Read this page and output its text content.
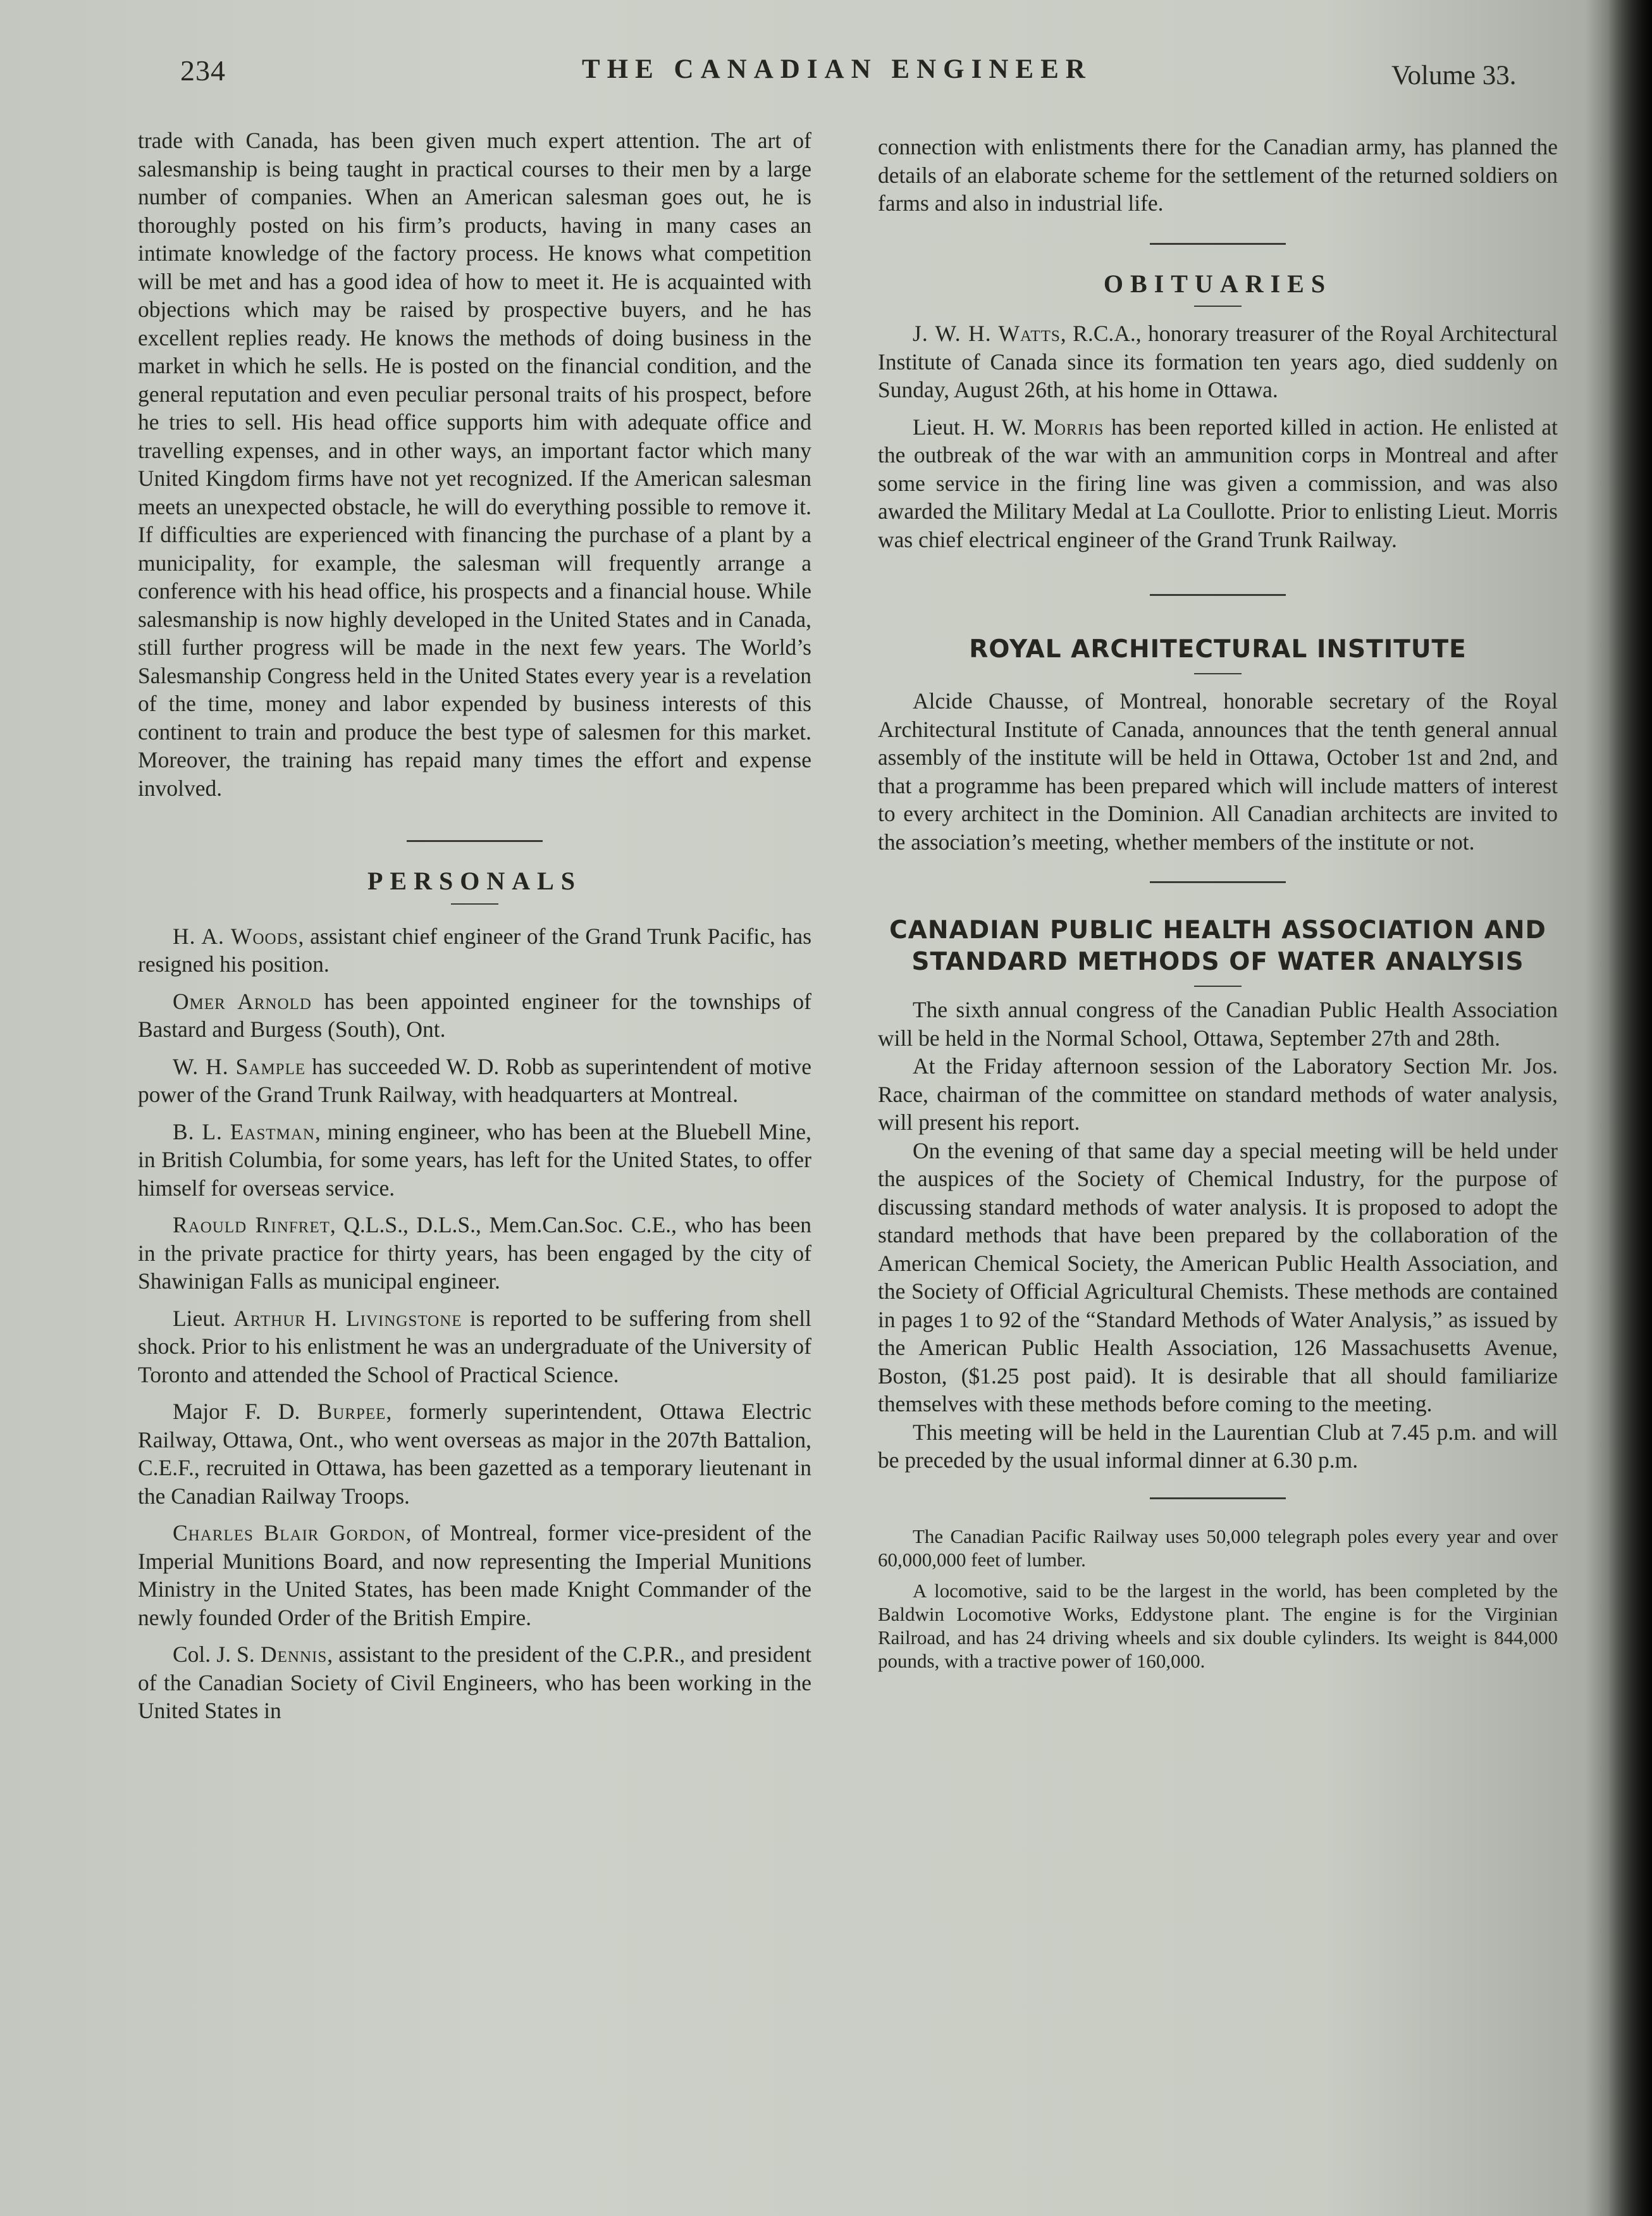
234	THE CANADIAN ENGINEER	Volume 33.

trade with Canada, has been given much expert attention. The art of salesmanship is being taught in practical courses to their men by a large number of companies. When an American salesman goes out, he is thoroughly posted on his firm’s products, having in many cases an intimate knowledge of the factory process. He knows what competition will be met and has a good idea of how to meet it. He is acquainted with objections which may be raised by prospective buyers, and he has excellent replies ready. He knows the methods of doing business in the market in which he sells. He is posted on the financial condition, and the general reputation and even peculiar personal traits of his prospect, before he tries to sell. His head office supports him with adequate office and travelling expenses, and in other ways, an important factor which many United Kingdom firms have not yet recognized. If the American salesman meets an unexpected obstacle, he will do everything possible to remove it. If difficulties are experienced with financing the purchase of a plant by a municipality, for example, the salesman will frequently arrange a conference with his head office, his prospects and a financial house. While salesmanship is now highly developed in the United States and in Canada, still further progress will be made in the next few years. The World’s Salesmanship Congress held in the United States every year is a revelation of the time, money and labor expended by business interests of this continent to train and produce the best type of salesmen for this market. Moreover, the training has repaid many times the effort and expense involved.

PERSONALS

H. A. Woods, assistant chief engineer of the Grand Trunk Pacific, has resigned his position.

Omer Arnold has been appointed engineer for the townships of Bastard and Burgess (South), Ont.

W. H. Sample has succeeded W. D. Robb as superintendent of motive power of the Grand Trunk Railway, with headquarters at Montreal.

B. L. Eastman, mining engineer, who has been at the Bluebell Mine, in British Columbia, for some years, has left for the United States, to offer himself for overseas service.

Raould Rinfret, Q.L.S., D.L.S., Mem.Can.Soc. C.E., who has been in the private practice for thirty years, has been engaged by the city of Shawinigan Falls as municipal engineer.

Lieut. Arthur H. Livingstone is reported to be suffering from shell shock. Prior to his enlistment he was an undergraduate of the University of Toronto and attended the School of Practical Science.

Major F. D. Burpee, formerly superintendent, Ottawa Electric Railway, Ottawa, Ont., who went overseas as major in the 207th Battalion, C.E.F., recruited in Ottawa, has been gazetted as a temporary lieutenant in the Canadian Railway Troops.

Charles Blair Gordon, of Montreal, former vice-president of the Imperial Munitions Board, and now representing the Imperial Munitions Ministry in the United States, has been made Knight Commander of the newly founded Order of the British Empire.

Col. J. S. Dennis, assistant to the president of the C.P.R., and president of the Canadian Society of Civil Engineers, who has been working in the United States in

connection with enlistments there for the Canadian army, has planned the details of an elaborate scheme for the settlement of the returned soldiers on farms and also in industrial life.

OBITUARIES

J. W. H. Watts, R.C.A., honorary treasurer of the Royal Architectural Institute of Canada since its formation ten years ago, died suddenly on Sunday, August 26th, at his home in Ottawa.

Lieut. H. W. Morris has been reported killed in action. He enlisted at the outbreak of the war with an ammunition corps in Montreal and after some service in the firing line was given a commission, and was also awarded the Military Medal at La Coullotte. Prior to enlisting Lieut. Morris was chief electrical engineer of the Grand Trunk Railway.

ROYAL ARCHITECTURAL INSTITUTE

Alcide Chausse, of Montreal, honorable secretary of the Royal Architectural Institute of Canada, announces that the tenth general annual assembly of the institute will be held in Ottawa, October 1st and 2nd, and that a programme has been prepared which will include matters of interest to every architect in the Dominion. All Canadian architects are invited to the association’s meeting, whether members of the institute or not.

CANADIAN PUBLIC HEALTH ASSOCIATION AND

STANDARD METHODS OF WATER ANALYSIS

The sixth annual congress of the Canadian Public Health Association will be held in the Normal School, Ottawa, September 27th and 28th.

At the Friday afternoon session of the Laboratory Section Mr. Jos. Race, chairman of the committee on standard methods of water analysis, will present his report.

On the evening of that same day a special meeting will be held under the auspices of the Society of Chemical Industry, for the purpose of discussing standard methods of water analysis. It is proposed to adopt the standard methods that have been prepared by the collaboration of the American Chemical Society, the American Public Health Association, and the Society of Official Agricultural Chemists. These methods are contained in pages 1 to 92 of the “Standard Methods of Water Analysis,” as issued by the American Public Health Association, 126 Massachusetts Avenue, Boston, ($1.25 post paid). It is desirable that all should familiarize themselves with these methods before coming to the meeting.

This meeting will be held in the Laurentian Club at 7.45 p.m. and will be preceded by the usual informal dinner at 6.30 p.m.

The Canadian Pacific Railway uses 50,000 telegraph poles every year and over 60,000,000 feet of lumber.

A locomotive, said to be the largest in the world, has been completed by the Baldwin Locomotive Works, Eddystone plant. The engine is for the Virginian Railroad, and has 24 driving wheels and six double cylinders. Its weight is 844,000 pounds, with a tractive power of 160,000.
